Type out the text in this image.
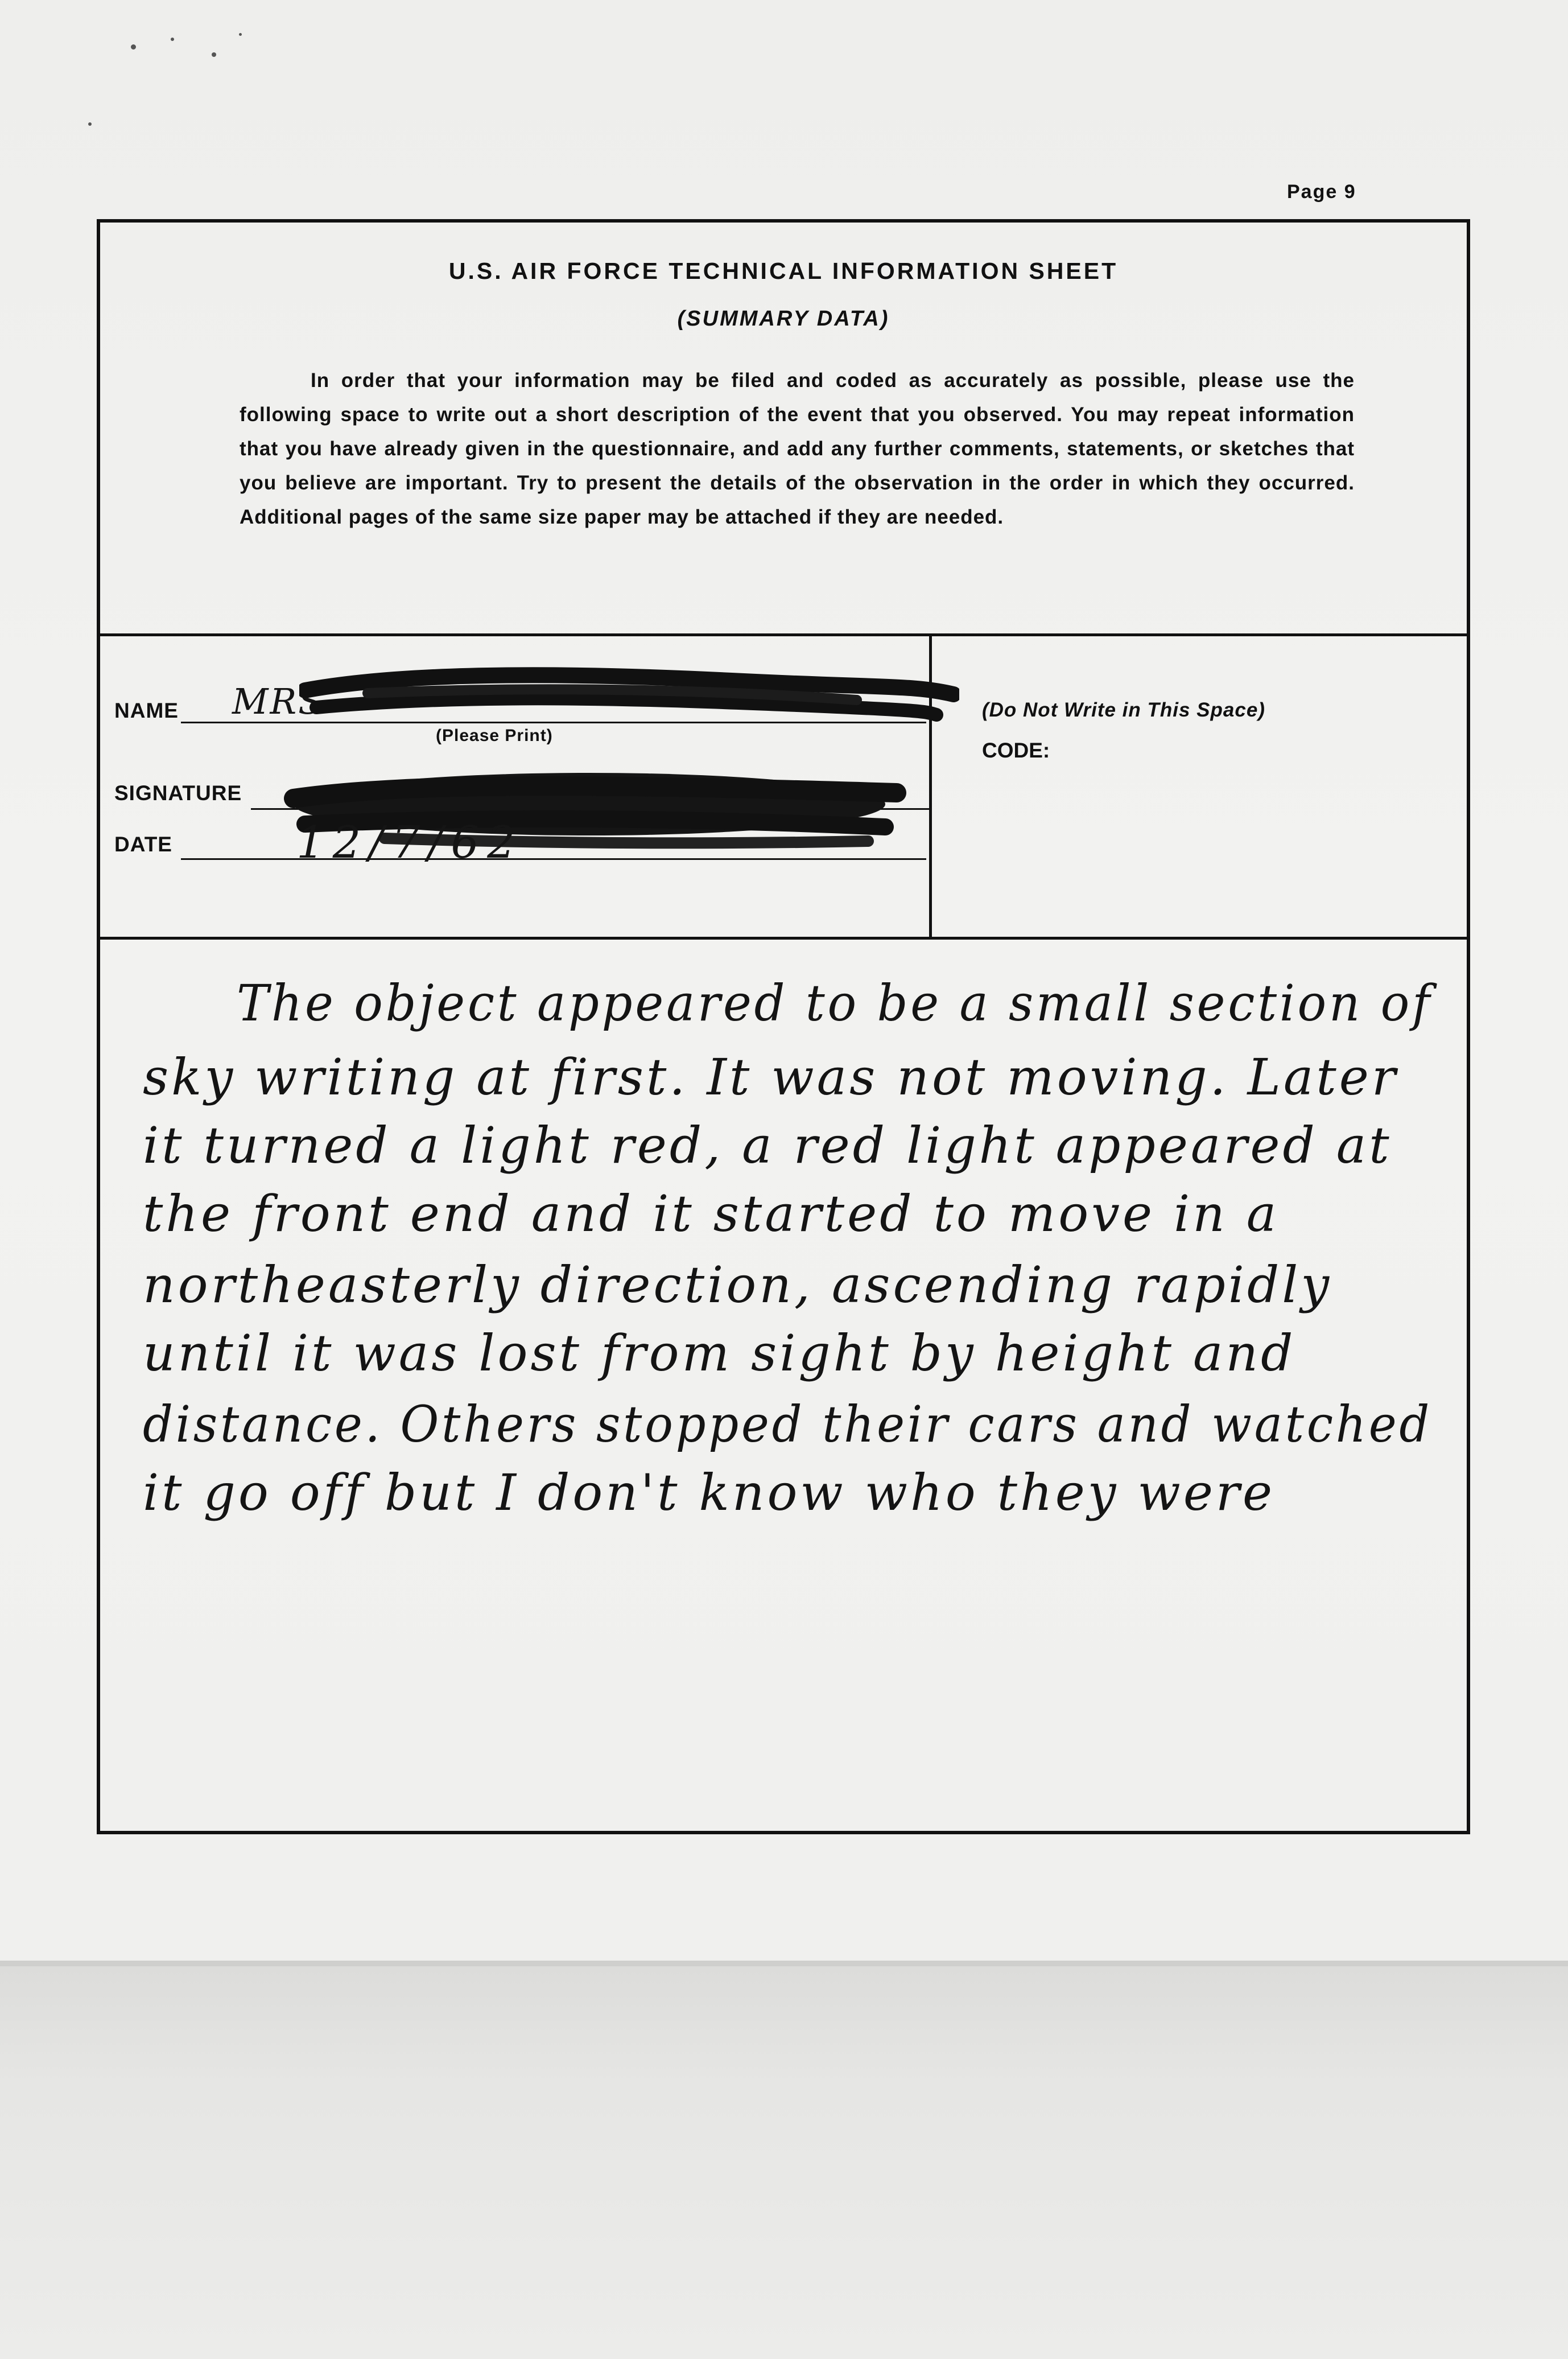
Page 9
U.S. AIR FORCE TECHNICAL INFORMATION SHEET
(SUMMARY DATA)
In order that your information may be filed and coded as accurately as possible, please use the following space to write out a short description of the event that you observed. You may repeat information that you have already given in the questionnaire, and add any further comments, statements, or sketches that you believe are important. Try to present the details of the observation in the order in which they occurred. Additional pages of the same size paper may be attached if they are needed.
NAME MRS
(Please Print)
SIGNATURE
DATE	12/7/62
(Do Not Write in This Space)
CODE:
The object appeared to be a small section of
sky writing at first. It was not moving. Later
it turned a light red, a red light appeared at
the front end and it started to move in a
northeasterly direction, ascending rapidly
until it was lost from sight by height and
distance. Others stopped their cars and watched
it go off but I don't know who they were
